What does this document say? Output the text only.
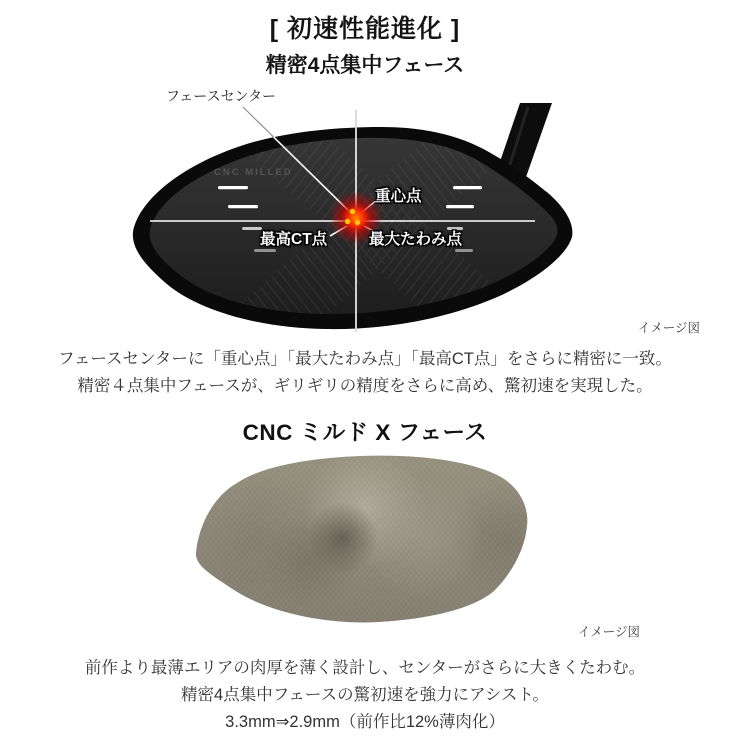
[ 初速性能進化 ]
精密4点集中フェース
CNC MILLED
フェースセンター
重心点
最高CT点	最大たわみ点
イメージ図
フェースセンターに「重心点」「最大たわみ点」「最高CT点」をさらに精密に一致。
精密４点集中フェースが、ギリギリの精度をさらに高め、驚初速を実現した。
CNC ミルド X フェース
イメージ図
前作より最薄エリアの肉厚を薄く設計し、センターがさらに大きくたわむ。
精密4点集中フェースの驚初速を強力にアシスト。
3.3mm⇒2.9mm（前作比12%薄肉化）
